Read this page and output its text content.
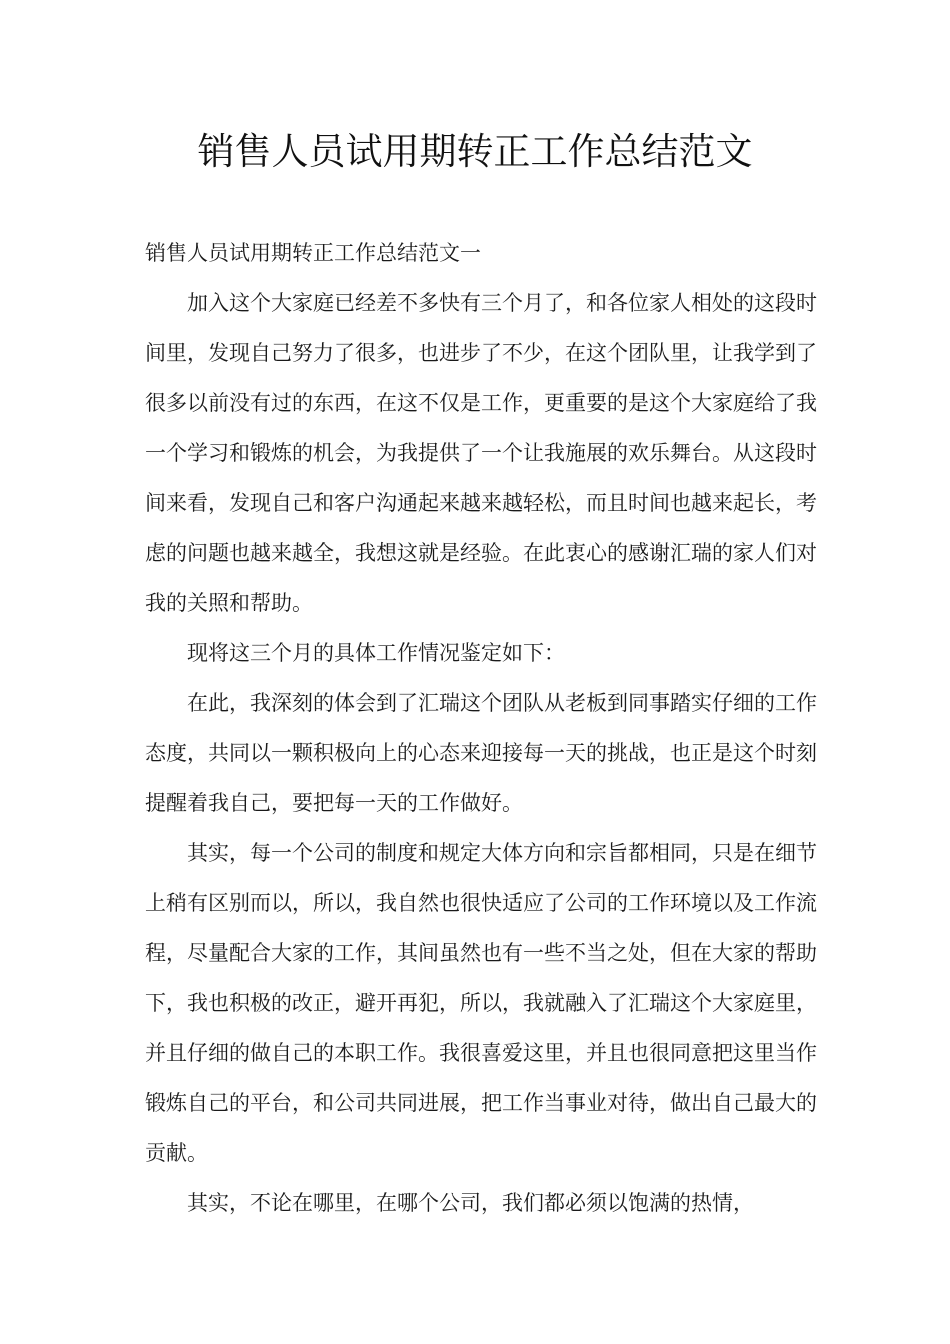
销售人员试用期转正工作总结范文

销售人员试用期转正工作总结范文一

加入这个大家庭已经差不多快有三个月了，和各位家人相处的这段时间里，发现自己努力了很多，也进步了不少，在这个团队里，让我学到了很多以前没有过的东西，在这不仅是工作，更重要的是这个大家庭给了我一个学习和锻炼的机会，为我提供了一个让我施展的欢乐舞台。从这段时间来看，发现自己和客户沟通起来越来越轻松，而且时间也越来起长，考虑的问题也越来越全，我想这就是经验。在此衷心的感谢汇瑞的家人们对我的关照和帮助。

现将这三个月的具体工作情况鉴定如下：

在此，我深刻的体会到了汇瑞这个团队从老板到同事踏实仔细的工作态度，共同以一颗积极向上的心态来迎接每一天的挑战，也正是这个时刻提醒着我自己，要把每一天的工作做好。

其实，每一个公司的制度和规定大体方向和宗旨都相同，只是在细节上稍有区别而以，所以，我自然也很快适应了公司的工作环境以及工作流程，尽量配合大家的工作，其间虽然也有一些不当之处，但在大家的帮助下，我也积极的改正，避开再犯，所以，我就融入了汇瑞这个大家庭里，并且仔细的做自己的本职工作。我很喜爱这里，并且也很同意把这里当作锻炼自己的平台，和公司共同进展，把工作当事业对待，做出自己最大的贡献。

其实，不论在哪里，在哪个公司，我们都必须以饱满的热情，
